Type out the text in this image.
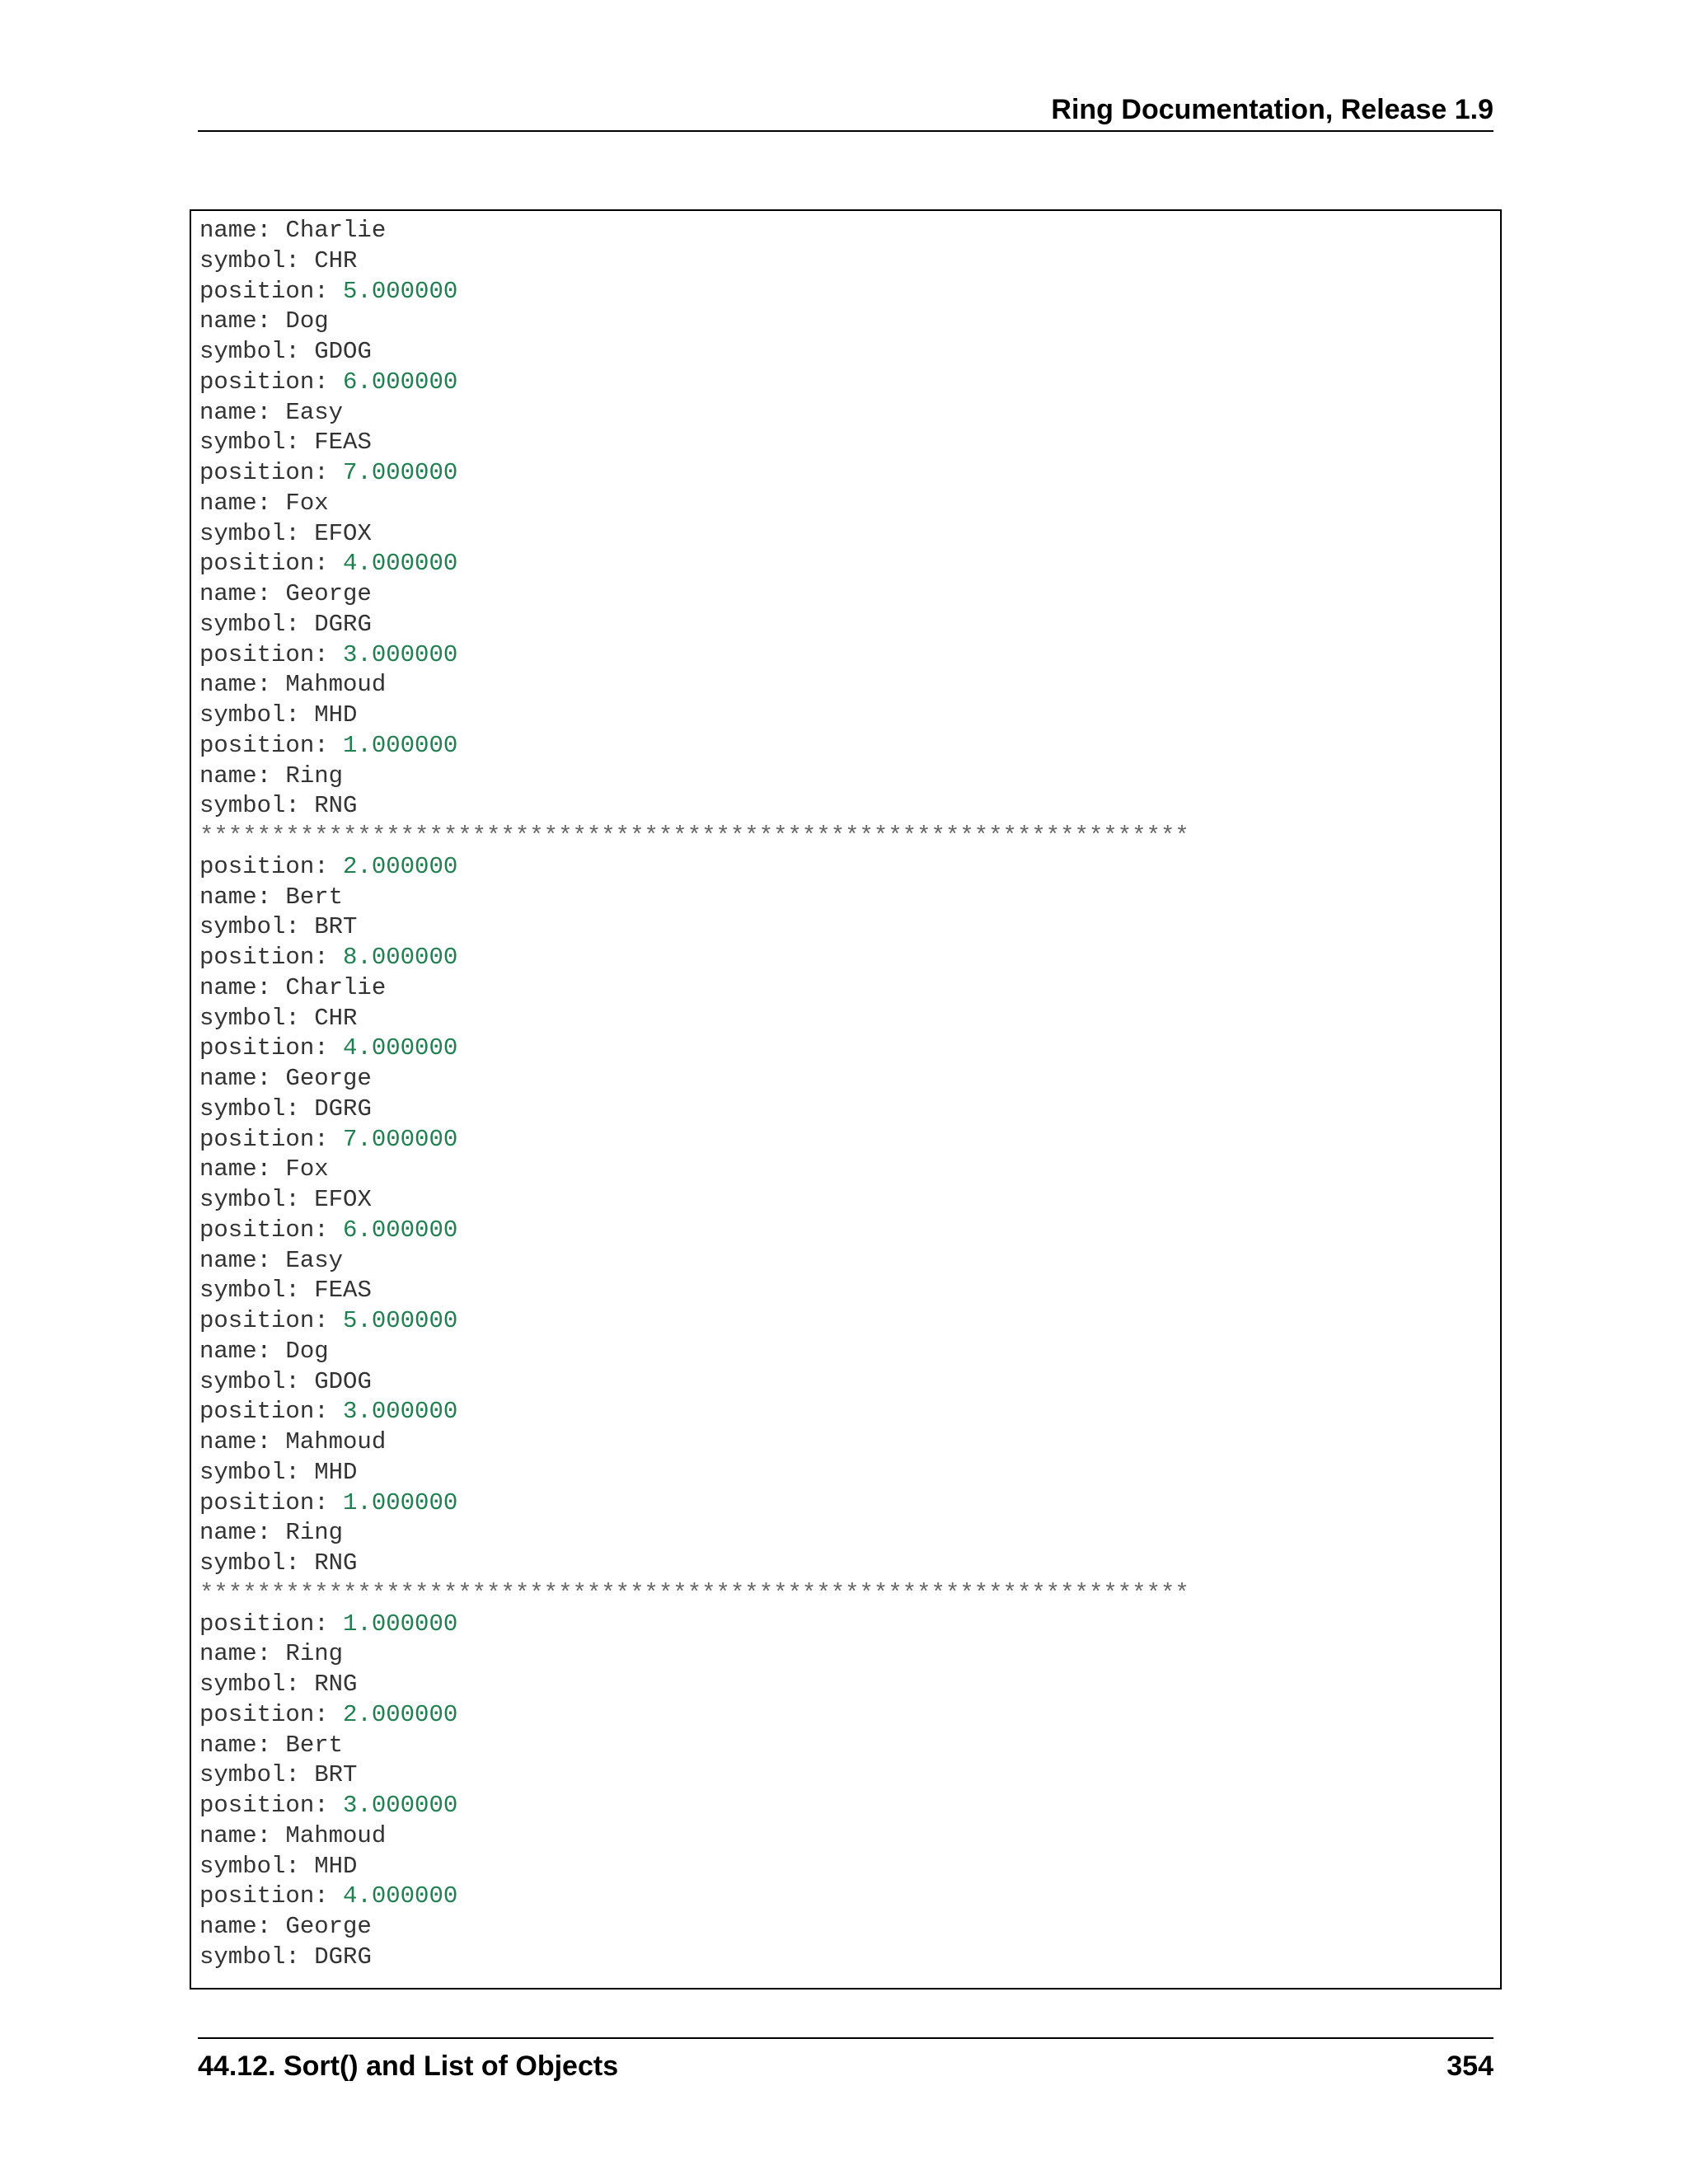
Ring Documentation, Release 1.9
name: Charlie
symbol: CHR
position: 5.000000
name: Dog
symbol: GDOG
position: 6.000000
name: Easy
symbol: FEAS
position: 7.000000
name: Fox
symbol: EFOX
position: 4.000000
name: George
symbol: DGRG
position: 3.000000
name: Mahmoud
symbol: MHD
position: 1.000000
name: Ring
symbol: RNG
*********************************************************************
position: 2.000000
name: Bert
symbol: BRT
position: 8.000000
name: Charlie
symbol: CHR
position: 4.000000
name: George
symbol: DGRG
position: 7.000000
name: Fox
symbol: EFOX
position: 6.000000
name: Easy
symbol: FEAS
position: 5.000000
name: Dog
symbol: GDOG
position: 3.000000
name: Mahmoud
symbol: MHD
position: 1.000000
name: Ring
symbol: RNG
*********************************************************************
position: 1.000000
name: Ring
symbol: RNG
position: 2.000000
name: Bert
symbol: BRT
position: 3.000000
name: Mahmoud
symbol: MHD
position: 4.000000
name: George
symbol: DGRG
44.12. Sort() and List of Objects	354
